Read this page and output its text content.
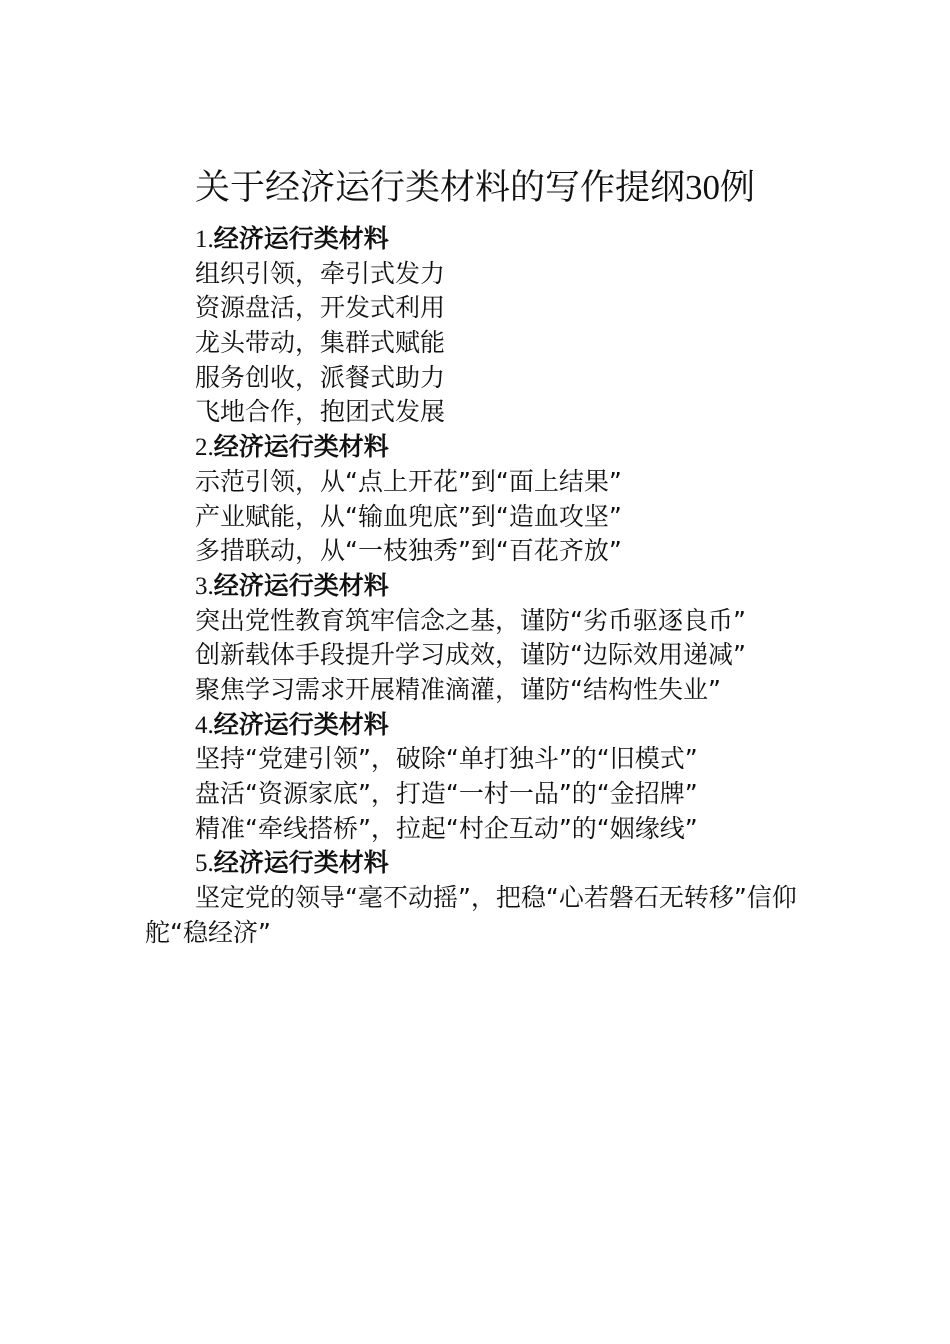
关于经济运行类材料的写作提纲30例
1.经济运行类材料
组织引领，牵引式发力
资源盘活，开发式利用
龙头带动，集群式赋能
服务创收，派餐式助力
飞地合作，抱团式发展
2.经济运行类材料
示范引领，从“点上开花”到“面上结果”
产业赋能，从“输血兜底”到“造血攻坚”
多措联动，从“一枝独秀”到“百花齐放”
3.经济运行类材料
突出党性教育筑牢信念之基，谨防“劣币驱逐良币”
创新载体手段提升学习成效，谨防“边际效用递减”
聚焦学习需求开展精准滴灌，谨防“结构性失业”
4.经济运行类材料
坚持“党建引领”，破除“单打独斗”的“旧模式”
盘活“资源家底”，打造“一村一品”的“金招牌”
精准“牵线搭桥”，拉起“村企互动”的“姻缘线”
5.经济运行类材料
坚定党的领导“毫不动摇”，把稳“心若磐石无转移”信仰舵“稳经济”
